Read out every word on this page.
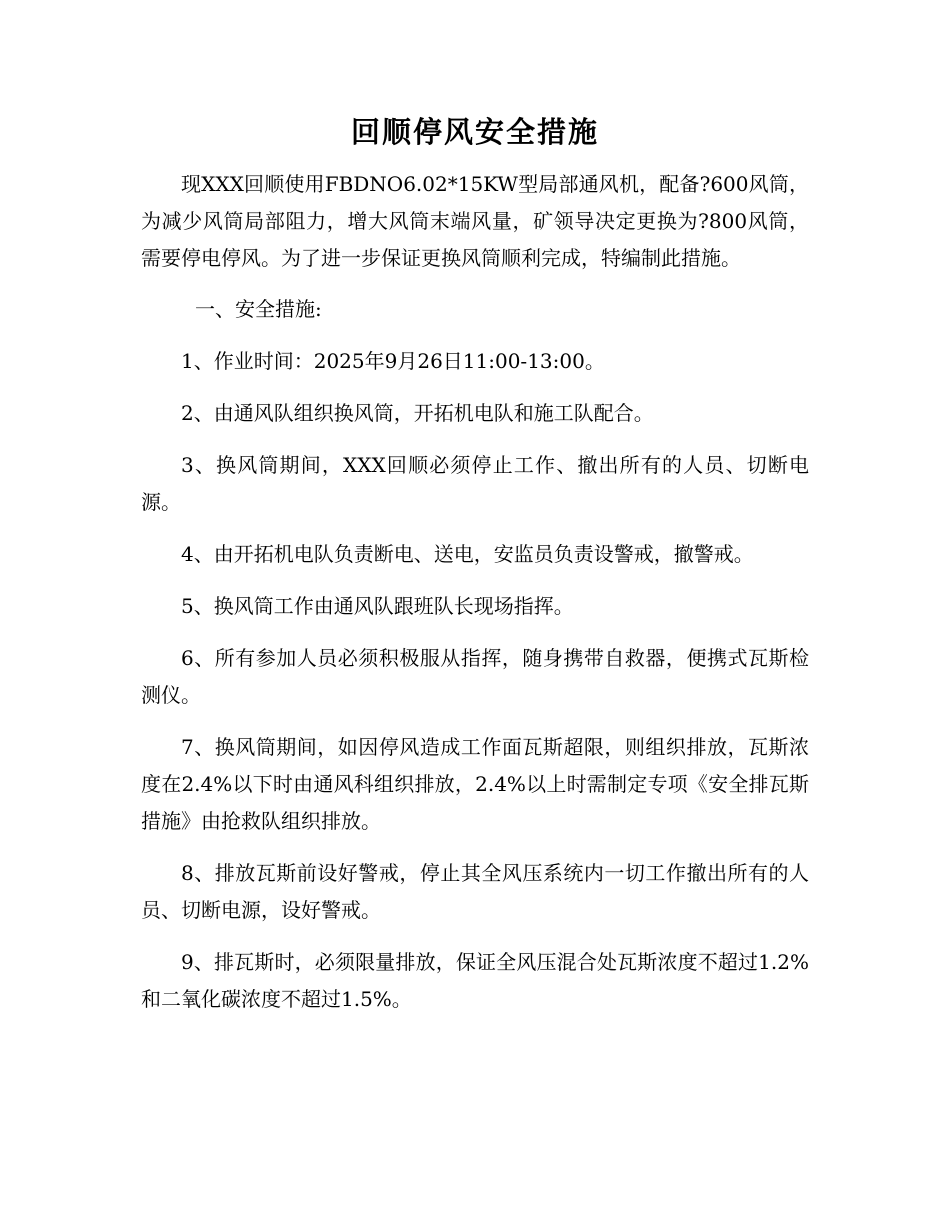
回顺停风安全措施

现XXX回顺使用FBDNO6.02*15KW型局部通风机，配备?600风筒，为减少风筒局部阻力，增大风筒末端风量，矿领导决定更换为?800风筒，需要停电停风。为了进一步保证更换风筒顺利完成，特编制此措施。

一、安全措施:

1、作业时间：2025年9月26日11:00-13:00。

2、由通风队组织换风筒，开拓机电队和施工队配合。

3、换风筒期间，XXX回顺必须停止工作、撤出所有的人员、切断电源。

4、由开拓机电队负责断电、送电，安监员负责设警戒，撤警戒。

5、换风筒工作由通风队跟班队长现场指挥。

6、所有参加人员必须积极服从指挥，随身携带自救器，便携式瓦斯检测仪。

7、换风筒期间，如因停风造成工作面瓦斯超限，则组织排放，瓦斯浓度在2.4%以下时由通风科组织排放，2.4%以上时需制定专项《安全排瓦斯措施》由抢救队组织排放。

8、排放瓦斯前设好警戒，停止其全风压系统内一切工作撤出所有的人员、切断电源，设好警戒。

9、排瓦斯时，必须限量排放，保证全风压混合处瓦斯浓度不超过1.2%和二氧化碳浓度不超过1.5%。
